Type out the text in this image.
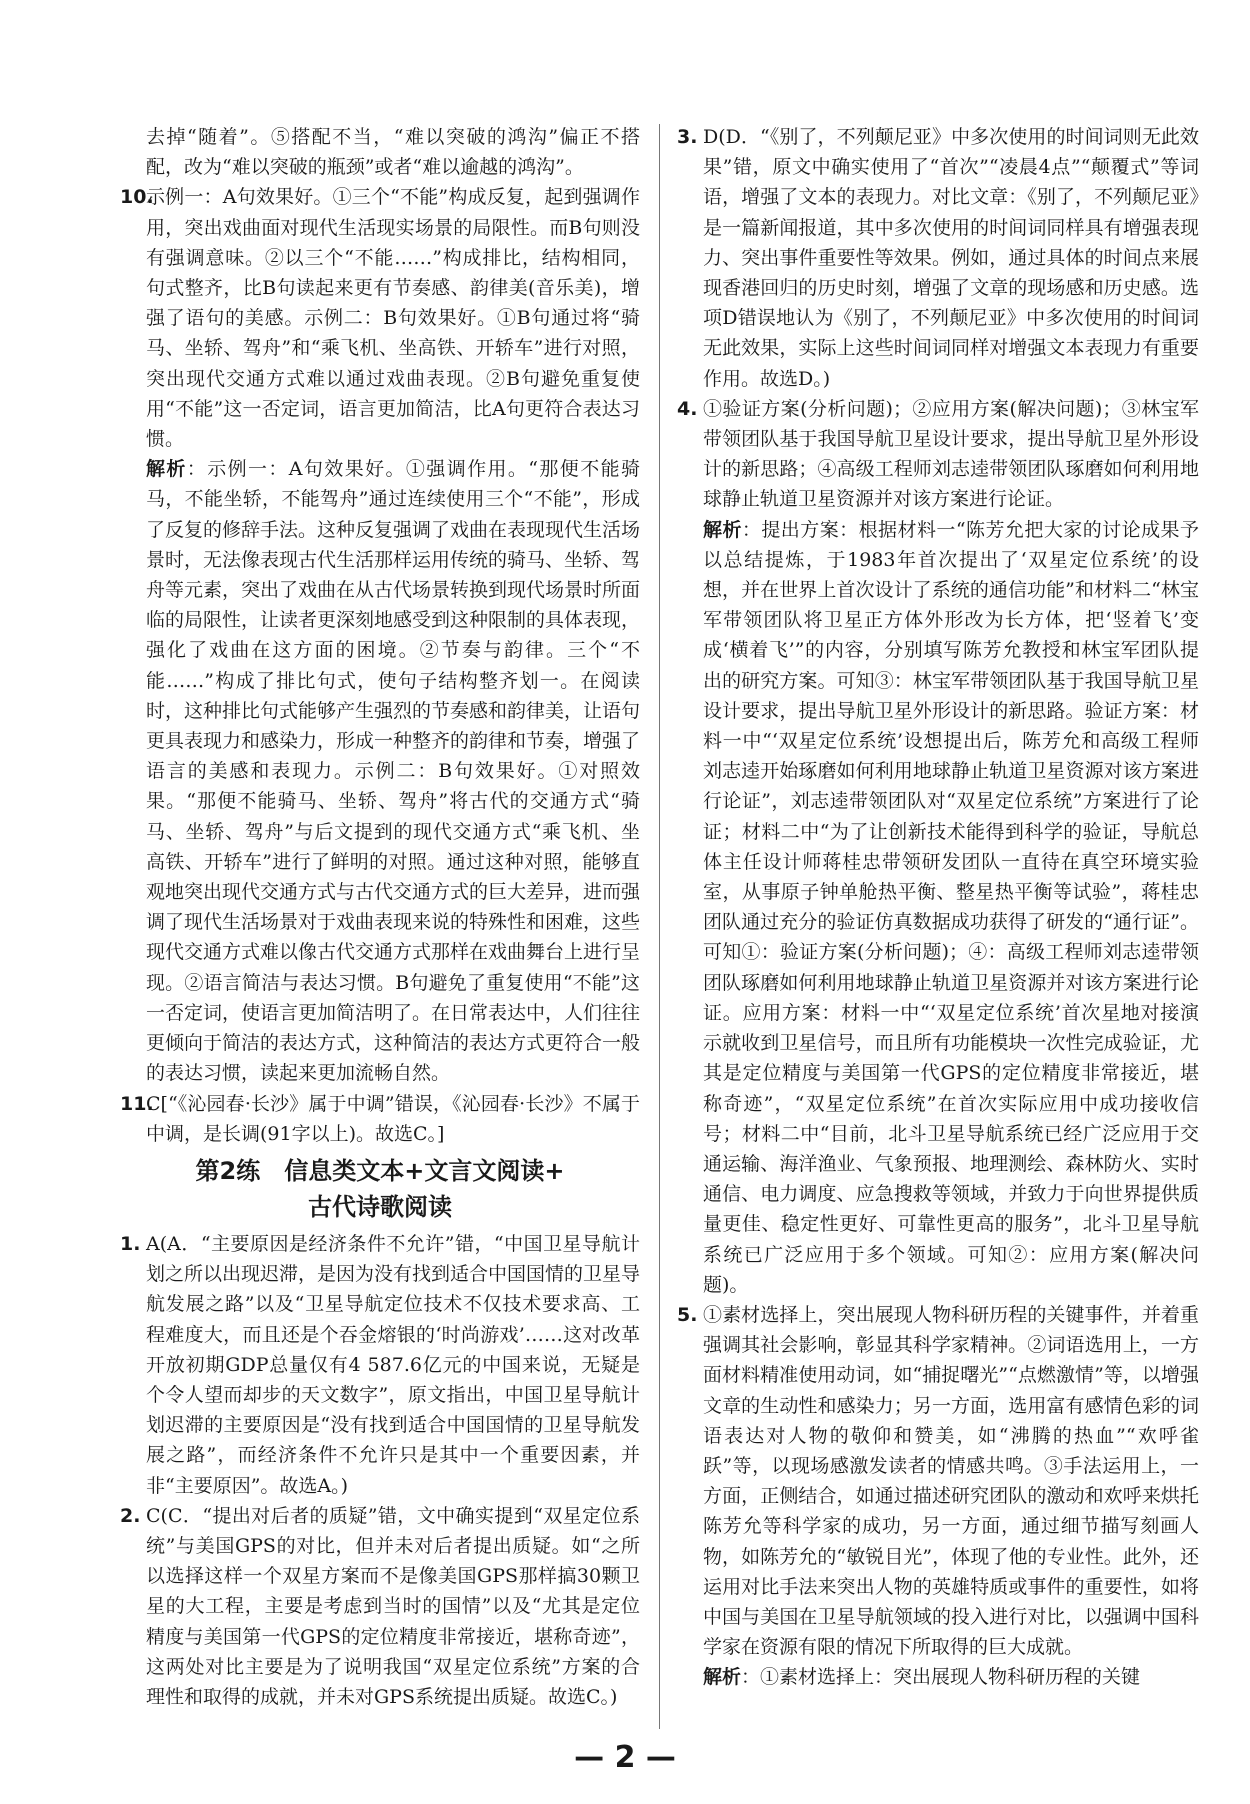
去掉“随着”。⑤搭配不当，“难以突破的鸿沟”偏正不搭配，改为“难以突破的瓶颈”或者“难以逾越的鸿沟”。
10.
示例一：A句效果好。①三个“不能”构成反复，起到强调作用，突出戏曲面对现代生活现实场景的局限性。而B句则没有强调意味。②以三个“不能……”构成排比，结构相同，句式整齐，比B句读起来更有节奏感、韵律美(音乐美)，增强了语句的美感。示例二：B句效果好。①B句通过将“骑马、坐轿、驾舟”和“乘飞机、坐高铁、开轿车”进行对照，突出现代交通方式难以通过戏曲表现。②B句避免重复使用“不能”这一否定词，语言更加简洁，比A句更符合表达习惯。
解析：示例一：A句效果好。①强调作用。“那便不能骑马，不能坐轿，不能驾舟”通过连续使用三个“不能”，形成了反复的修辞手法。这种反复强调了戏曲在表现现代生活场景时，无法像表现古代生活那样运用传统的骑马、坐轿、驾舟等元素，突出了戏曲在从古代场景转换到现代场景时所面临的局限性，让读者更深刻地感受到这种限制的具体表现，强化了戏曲在这方面的困境。②节奏与韵律。三个“不能……”构成了排比句式，使句子结构整齐划一。在阅读时，这种排比句式能够产生强烈的节奏感和韵律美，让语句更具表现力和感染力，形成一种整齐的韵律和节奏，增强了语言的美感和表现力。示例二：B句效果好。①对照效果。“那便不能骑马、坐轿、驾舟”将古代的交通方式“骑马、坐轿、驾舟”与后文提到的现代交通方式“乘飞机、坐高铁、开轿车”进行了鲜明的对照。通过这种对照，能够直观地突出现代交通方式与古代交通方式的巨大差异，进而强调了现代生活场景对于戏曲表现来说的特殊性和困难，这些现代交通方式难以像古代交通方式那样在戏曲舞台上进行呈现。②语言简洁与表达习惯。B句避免了重复使用“不能”这一否定词，使语言更加简洁明了。在日常表达中，人们往往更倾向于简洁的表达方式，这种简洁的表达方式更符合一般的表达习惯，读起来更加流畅自然。
11.
C[“《沁园春·长沙》属于中调”错误，《沁园春·长沙》不属于中调，是长调(91字以上)。故选C。]
第2练　信息类文本+文言文阅读+
古代诗歌阅读
1. A(A．“主要原因是经济条件不允许”错，“中国卫星导航计划之所以出现迟滞，是因为没有找到适合中国国情的卫星导航发展之路”以及“卫星导航定位技术不仅技术要求高、工程难度大，而且还是个吞金熔银的‘时尚游戏’……这对改革开放初期GDP总量仅有4 587.6亿元的中国来说，无疑是个令人望而却步的天文数字”，原文指出，中国卫星导航计划迟滞的主要原因是“没有找到适合中国国情的卫星导航发展之路”，而经济条件不允许只是其中一个重要因素，并非“主要原因”。故选A。)
2. C(C．“提出对后者的质疑”错，文中确实提到“双星定位系统”与美国GPS的对比，但并未对后者提出质疑。如“之所以选择这样一个双星方案而不是像美国GPS那样搞30颗卫星的大工程，主要是考虑到当时的国情”以及“尤其是定位精度与美国第一代GPS的定位精度非常接近，堪称奇迹”，这两处对比主要是为了说明我国“双星定位系统”方案的合理性和取得的成就，并未对GPS系统提出质疑。故选C。)
3. D(D．“《别了，不列颠尼亚》中多次使用的时间词则无此效果”错，原文中确实使用了“首次”“凌晨4点”“颠覆式”等词语，增强了文本的表现力。对比文章：《别了，不列颠尼亚》是一篇新闻报道，其中多次使用的时间词同样具有增强表现力、突出事件重要性等效果。例如，通过具体的时间点来展现香港回归的历史时刻，增强了文章的现场感和历史感。选项D错误地认为《别了，不列颠尼亚》中多次使用的时间词无此效果，实际上这些时间词同样对增强文本表现力有重要作用。故选D。)
4. ①验证方案(分析问题)；②应用方案(解决问题)；③林宝军带领团队基于我国导航卫星设计要求，提出导航卫星外形设计的新思路；④高级工程师刘志逵带领团队琢磨如何利用地球静止轨道卫星资源并对该方案进行论证。
解析：提出方案：根据材料一“陈芳允把大家的讨论成果予以总结提炼，于1983年首次提出了‘双星定位系统’的设想，并在世界上首次设计了系统的通信功能”和材料二“林宝军带领团队将卫星正方体外形改为长方体，把‘竖着飞’变成‘横着飞’”的内容，分别填写陈芳允教授和林宝军团队提出的研究方案。可知③：林宝军带领团队基于我国导航卫星设计要求，提出导航卫星外形设计的新思路。验证方案：材料一中“‘双星定位系统’设想提出后，陈芳允和高级工程师刘志逵开始琢磨如何利用地球静止轨道卫星资源对该方案进行论证”，刘志逵带领团队对“双星定位系统”方案进行了论证；材料二中“为了让创新技术能得到科学的验证，导航总体主任设计师蒋桂忠带领研发团队一直待在真空环境实验室，从事原子钟单舱热平衡、整星热平衡等试验”，蒋桂忠团队通过充分的验证仿真数据成功获得了研发的“通行证”。可知①：验证方案(分析问题)；④：高级工程师刘志逵带领团队琢磨如何利用地球静止轨道卫星资源并对该方案进行论证。应用方案：材料一中“‘双星定位系统’首次星地对接演示就收到卫星信号，而且所有功能模块一次性完成验证，尤其是定位精度与美国第一代GPS的定位精度非常接近，堪称奇迹”，“双星定位系统”在首次实际应用中成功接收信号；材料二中“目前，北斗卫星导航系统已经广泛应用于交通运输、海洋渔业、气象预报、地理测绘、森林防火、实时通信、电力调度、应急搜救等领域，并致力于向世界提供质量更佳、稳定性更好、可靠性更高的服务”，北斗卫星导航系统已广泛应用于多个领域。可知②：应用方案(解决问题)。
5. ①素材选择上，突出展现人物科研历程的关键事件，并着重强调其社会影响，彰显其科学家精神。②词语选用上，一方面材料精准使用动词，如“捕捉曙光”“点燃激情”等，以增强文章的生动性和感染力；另一方面，选用富有感情色彩的词语表达对人物的敬仰和赞美，如“沸腾的热血”“欢呼雀跃”等，以现场感激发读者的情感共鸣。③手法运用上，一方面，正侧结合，如通过描述研究团队的激动和欢呼来烘托陈芳允等科学家的成功，另一方面，通过细节描写刻画人物，如陈芳允的“敏锐目光”，体现了他的专业性。此外，还运用对比手法来突出人物的英雄特质或事件的重要性，如将中国与美国在卫星导航领域的投入进行对比，以强调中国科学家在资源有限的情况下所取得的巨大成就。
解析：①素材选择上：突出展现人物科研历程的关键
— 2 —
